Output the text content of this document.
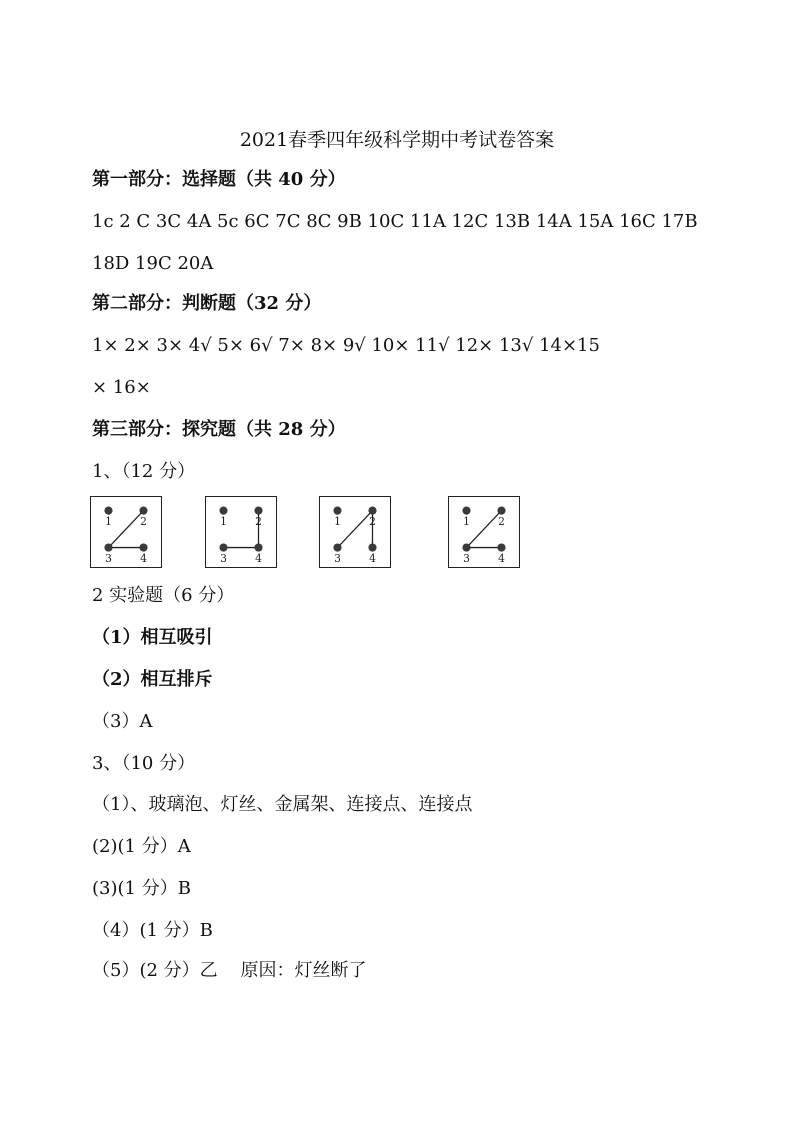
2021春季四年级科学期中考试卷答案
第一部分：选择题（共 40 分）
1c 2 C 3C 4A 5c 6C 7C 8C 9B 10C 11A 12C 13B 14A 15A 16C 17B
18D 19C 20A
第二部分：判断题（32 分）
1× 2× 3× 4√ 5× 6√ 7× 8× 9√ 10× 11√ 12× 13√ 14×15
× 16×
第三部分：探究题（共 28 分）
1、（12 分）
1	2
3	4
1	2
3	4
1	2
3	4
1	2
3	4
2 实验题（6 分）
（1）相互吸引
（2）相互排斥
（3）A
3、（10 分）
（1）、玻璃泡、灯丝、金属架、连接点、连接点
(2)(1 分）A
(3)(1 分）B
（4）(1 分）B
（5）(2 分）乙    原因：灯丝断了
